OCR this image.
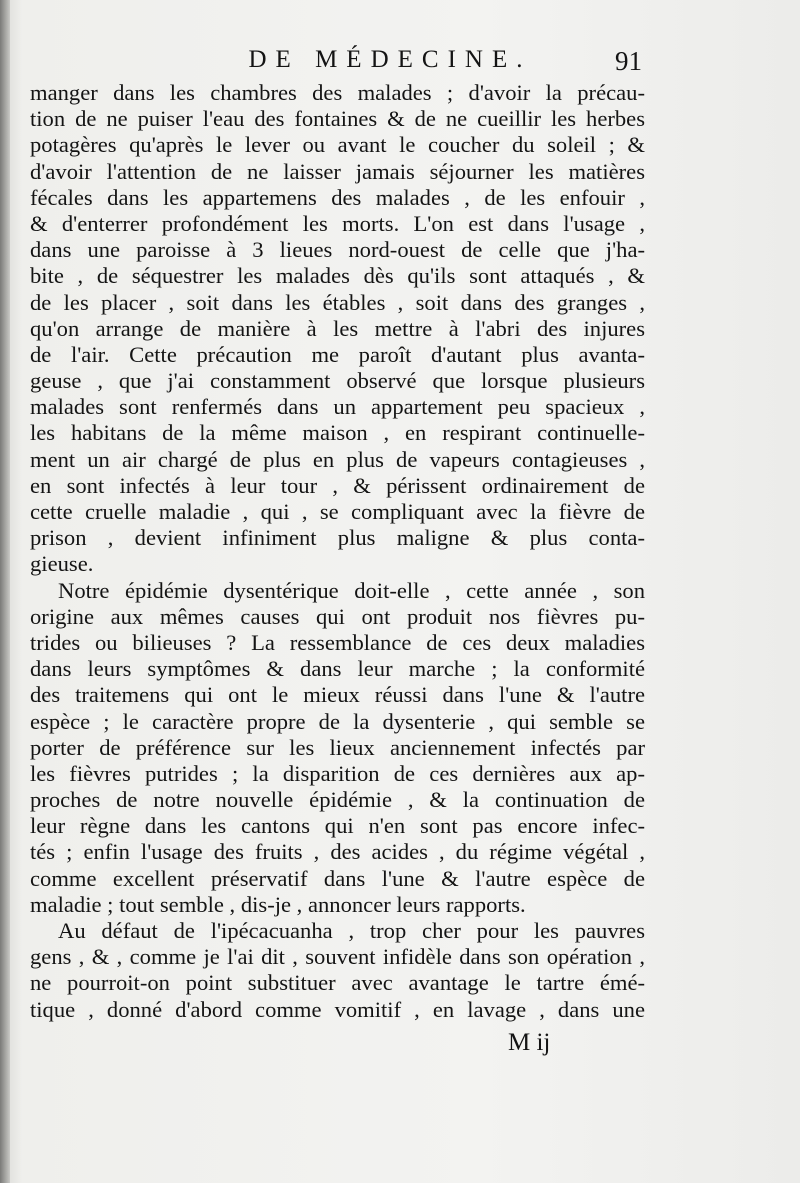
DE MÉDECINE.	91
manger dans les chambres des malades ; d'avoir la précau-
tion de ne puiser l'eau des fontaines & de ne cueillir les herbes
potagères qu'après le lever ou avant le coucher du soleil ; &
d'avoir l'attention de ne laisser jamais séjourner les matières
fécales dans les appartemens des malades , de les enfouir ,
& d'enterrer profondément les morts. L'on est dans l'usage ,
dans une paroisse à 3 lieues nord-ouest de celle que j'ha-
bite , de séquestrer les malades dès qu'ils sont attaqués , &
de les placer , soit dans les étables , soit dans des granges ,
qu'on arrange de manière à les mettre à l'abri des injures
de l'air. Cette précaution me paroît d'autant plus avanta-
geuse , que j'ai constamment observé que lorsque plusieurs
malades sont renfermés dans un appartement peu spacieux ,
les habitans de la même maison , en respirant continuelle-
ment un air chargé de plus en plus de vapeurs contagieuses ,
en sont infectés à leur tour , & périssent ordinairement de
cette cruelle maladie , qui , se compliquant avec la fièvre de
prison , devient infiniment plus maligne & plus conta-
gieuse.
Notre épidémie dysentérique doit-elle , cette année , son
origine aux mêmes causes qui ont produit nos fièvres pu-
trides ou bilieuses ? La ressemblance de ces deux maladies
dans leurs symptômes & dans leur marche ; la conformité
des traitemens qui ont le mieux réussi dans l'une & l'autre
espèce ; le caractère propre de la dysenterie , qui semble se
porter de préférence sur les lieux anciennement infectés par
les fièvres putrides ; la disparition de ces dernières aux ap-
proches de notre nouvelle épidémie , & la continuation de
leur règne dans les cantons qui n'en sont pas encore infec-
tés ; enfin l'usage des fruits , des acides , du régime végétal ,
comme excellent préservatif dans l'une & l'autre espèce de
maladie ; tout semble , dis-je , annoncer leurs rapports.
Au défaut de l'ipécacuanha , trop cher pour les pauvres
gens , & , comme je l'ai dit , souvent infidèle dans son opération ,
ne pourroit-on point substituer avec avantage le tartre émé-
tique , donné d'abord comme vomitif , en lavage , dans une
M ij
